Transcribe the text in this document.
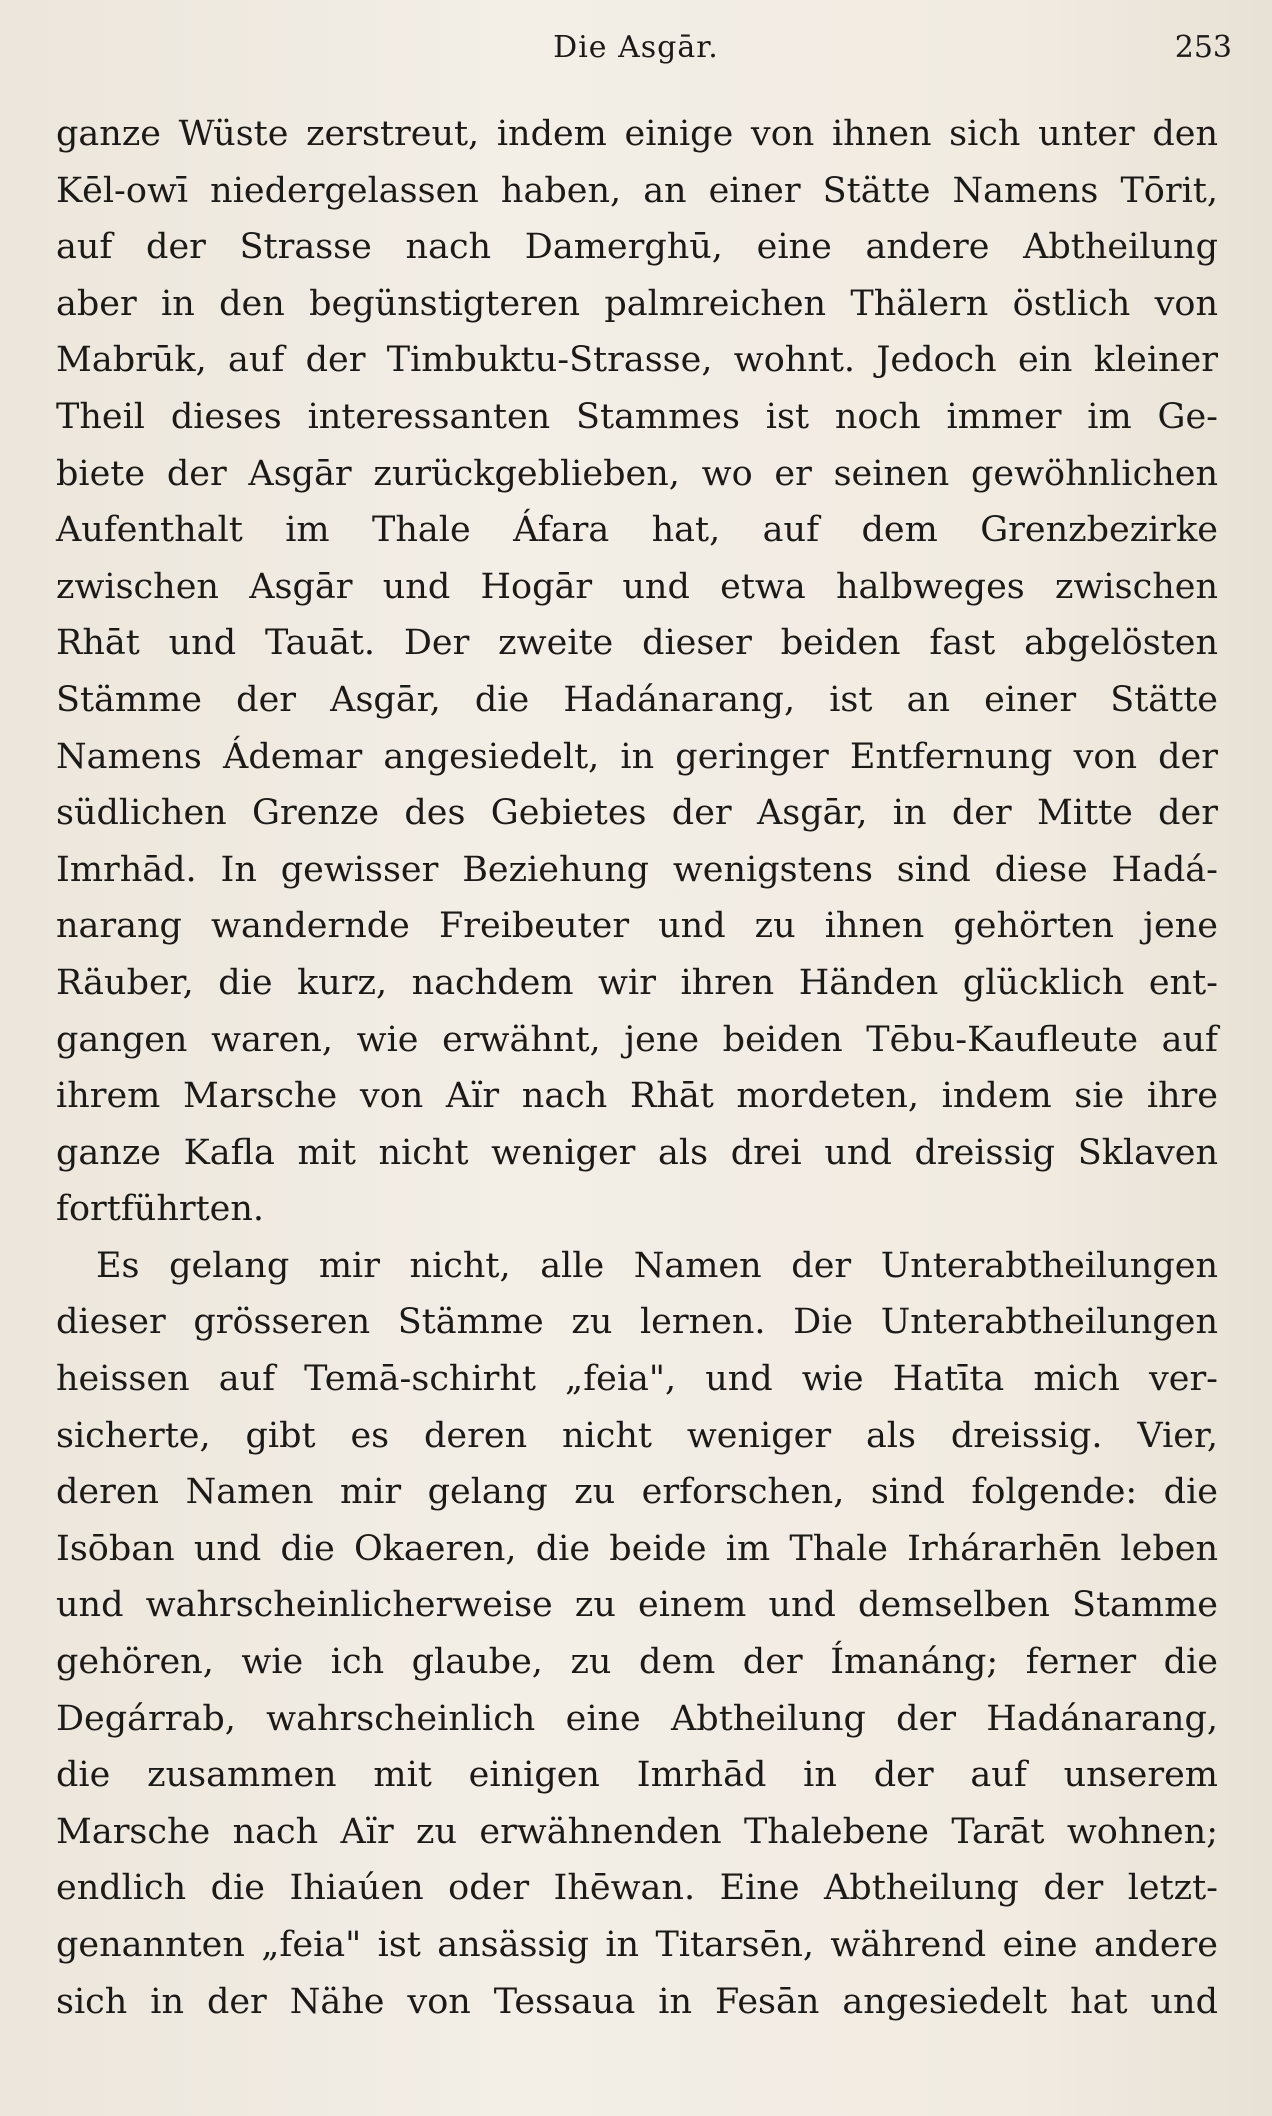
Die Asgār.	253
ganze Wüste zerstreut, indem einige von ihnen sich unter den
Kēl-owī niedergelassen haben, an einer Stätte Namens Tōrit,
auf der Strasse nach Damerghū, eine andere Abtheilung
aber in den begünstigteren palmreichen Thälern östlich von
Mabrūk, auf der Timbuktu-Strasse, wohnt. Jedoch ein kleiner
Theil dieses interessanten Stammes ist noch immer im Ge-
biete der Asgār zurückgeblieben, wo er seinen gewöhnlichen
Aufenthalt im Thale Áfara hat, auf dem Grenzbezirke
zwischen Asgār und Hogār und etwa halbweges zwischen
Rhāt und Tauāt. Der zweite dieser beiden fast abgelösten
Stämme der Asgār, die Hadánarang, ist an einer Stätte
Namens Ádemar angesiedelt, in geringer Entfernung von der
südlichen Grenze des Gebietes der Asgār, in der Mitte der
Imrhād. In gewisser Beziehung wenigstens sind diese Hadá-
narang wandernde Freibeuter und zu ihnen gehörten jene
Räuber, die kurz, nachdem wir ihren Händen glücklich ent-
gangen waren, wie erwähnt, jene beiden Tēbu-Kaufleute auf
ihrem Marsche von Aïr nach Rhāt mordeten, indem sie ihre
ganze Kafla mit nicht weniger als drei und dreissig Sklaven
fortführten.
Es gelang mir nicht, alle Namen der Unterabtheilungen
dieser grösseren Stämme zu lernen. Die Unterabtheilungen
heissen auf Temā-schirht „feia", und wie Hatīta mich ver-
sicherte, gibt es deren nicht weniger als dreissig. Vier,
deren Namen mir gelang zu erforschen, sind folgende: die
Isōban und die Okaeren, die beide im Thale Irhárarhēn leben
und wahrscheinlicherweise zu einem und demselben Stamme
gehören, wie ich glaube, zu dem der Ímanáng; ferner die
Degárrab, wahrscheinlich eine Abtheilung der Hadánarang,
die zusammen mit einigen Imrhād in der auf unserem
Marsche nach Aïr zu erwähnenden Thalebene Tarāt wohnen;
endlich die Ihiaúen oder Ihēwan. Eine Abtheilung der letzt-
genannten „feia" ist ansässig in Titarsēn, während eine andere
sich in der Nähe von Tessaua in Fesān angesiedelt hat und
